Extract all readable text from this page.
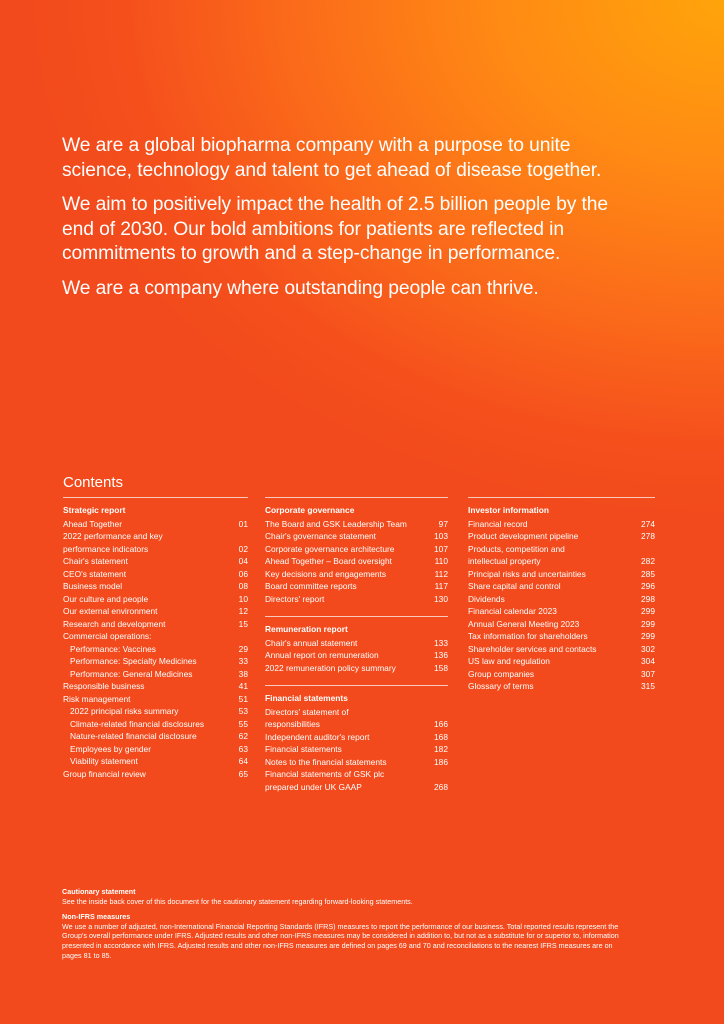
We are a global biopharma company with a purpose to unite science, technology and talent to get ahead of disease together.

We aim to positively impact the health of 2.5 billion people by the end of 2030. Our bold ambitions for patients are reflected in commitments to growth and a step-change in performance.

We are a company where outstanding people can thrive.

Contents
Strategic report
Ahead Together	01
2022 performance and key
performance indicators	02
Chair's statement	04
CEO's statement	06
Business model	08
Our culture and people	10
Our external environment	12
Research and development	15
Commercial operations:
Performance: Vaccines	29
Performance: Specialty Medicines	33
Performance: General Medicines	38
Responsible business	41
Risk management	51
2022 principal risks summary	53
Climate-related financial disclosures	55
Nature-related financial disclosure	62
Employees by gender	63
Viability statement	64
Group financial review	65
Corporate governance
The Board and GSK Leadership Team	97
Chair's governance statement	103
Corporate governance architecture	107
Ahead Together – Board oversight	110
Key decisions and engagements	112
Board committee reports	117
Directors' report	130
Remuneration report
Chair's annual statement	133
Annual report on remuneration	136
2022 remuneration policy summary	158
Financial statements
Directors' statement of
responsibilities	166
Independent auditor's report	168
Financial statements	182
Notes to the financial statements	186
Financial statements of GSK plc
prepared under UK GAAP	268
Investor information
Financial record	274
Product development pipeline	278
Products, competition and
intellectual property	282
Principal risks and uncertainties	285
Share capital and control	296
Dividends	298
Financial calendar 2023	299
Annual General Meeting 2023	299
Tax information for shareholders	299
Shareholder services and contacts	302
US law and regulation	304
Group companies	307
Glossary of terms	315
Cautionary statement
See the inside back cover of this document for the cautionary statement regarding forward-looking statements.
Non-IFRS measures
We use a number of adjusted, non-International Financial Reporting Standards (IFRS) measures to report the performance of our business. Total reported results represent the Group's overall performance under IFRS. Adjusted results and other non-IFRS measures may be considered in addition to, but not as a substitute for or superior to, information presented in accordance with IFRS. Adjusted results and other non-IFRS measures are defined on pages 69 and 70 and reconciliations to the nearest IFRS measures are on pages 81 to 85.
